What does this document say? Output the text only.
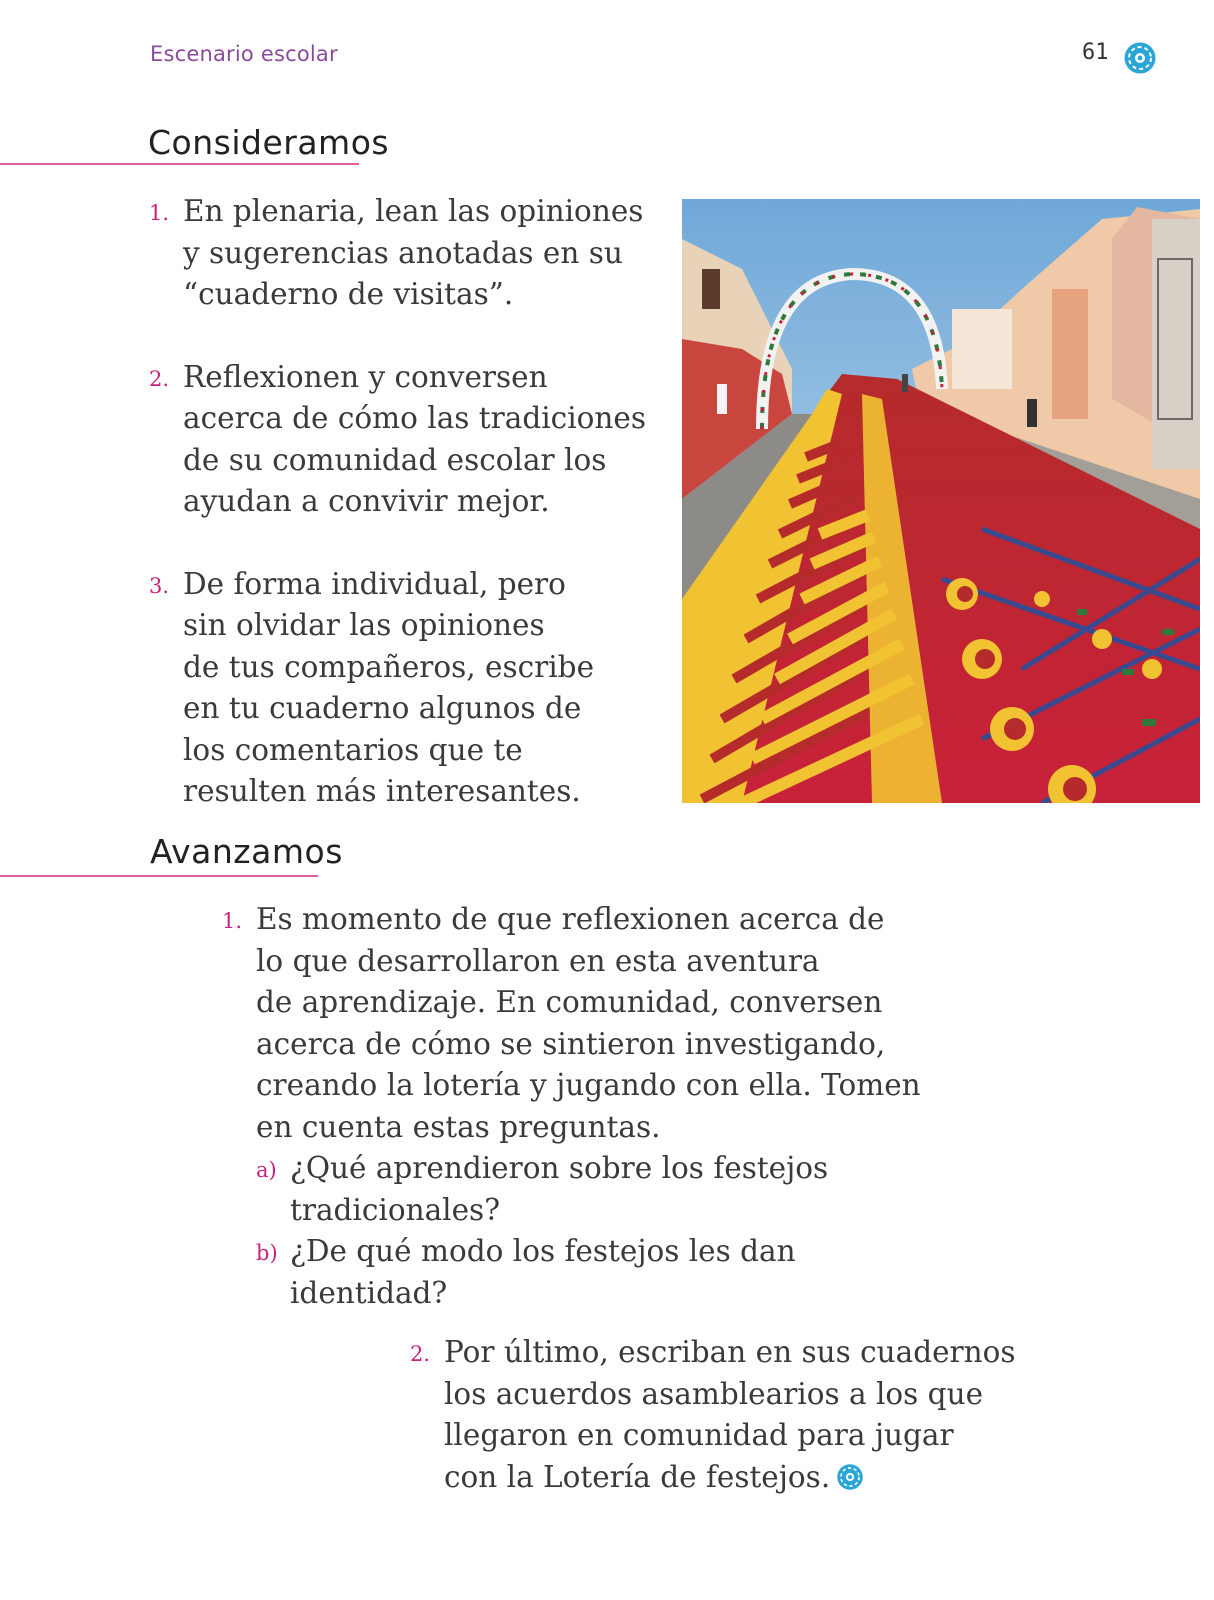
Escenario escolar	61
Consideramos
1. En plenaria, lean las opiniones
y sugerencias anotadas en su
“cuaderno de visitas”.
2. Reflexionen y conversen
acerca de cómo las tradiciones
de su comunidad escolar los
ayudan a convivir mejor.
3. De forma individual, pero
sin olvidar las opiniones
de tus compañeros, escribe
en tu cuaderno algunos de
los comentarios que te
resulten más interesantes.
Avanzamos
1. Es momento de que reflexionen acerca de
lo que desarrollaron en esta aventura
de aprendizaje. En comunidad, conversen
acerca de cómo se sintieron investigando,
creando la lotería y jugando con ella. Tomen
en cuenta estas preguntas.
a) ¿Qué aprendieron sobre los festejos
tradicionales?
b) ¿De qué modo los festejos les dan
identidad?
2. Por último, escriban en sus cuadernos
los acuerdos asamblearios a los que
llegaron en comunidad para jugar
con la Lotería de festejos.
